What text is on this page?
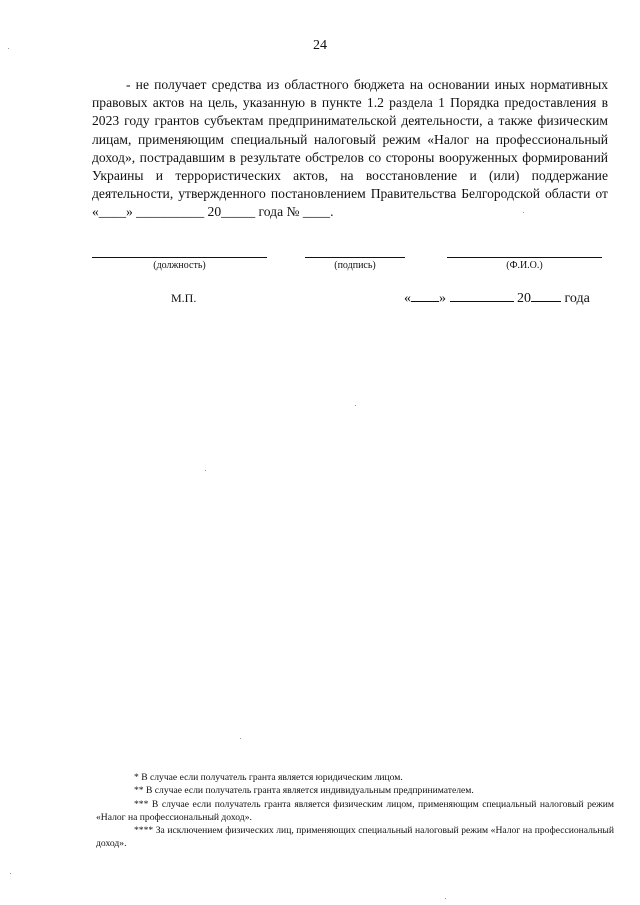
24

- не получает средства из областного бюджета на основании иных нормативных правовых актов на цель, указанную в пункте 1.2 раздела 1 Порядка предоставления в 2023 году грантов субъектам предпринимательской деятельности, а также физическим лицам, применяющим специальный налоговый режим «Налог на профессиональный доход», пострадавшим в результате обстрелов со стороны вооруженных формирований Украины и террористических актов, на восстановление и (или) поддержание деятельности, утвержденного постановлением Правительства Белгородской области от «____» __________ 20_____ года № ____.

(должность)	(подпись)	(Ф.И.О.)
М.П.	« »	20 года

* В случае если получатель гранта является юридическим лицом.

** В случае если получатель гранта является индивидуальным предпринимателем.

*** В случае если получатель гранта является физическим лицом, применяющим специальный налоговый режим «Налог на профессиональный доход».

**** За исключением физических лиц, применяющих специальный налоговый режим «Налог на профессиональный доход».
